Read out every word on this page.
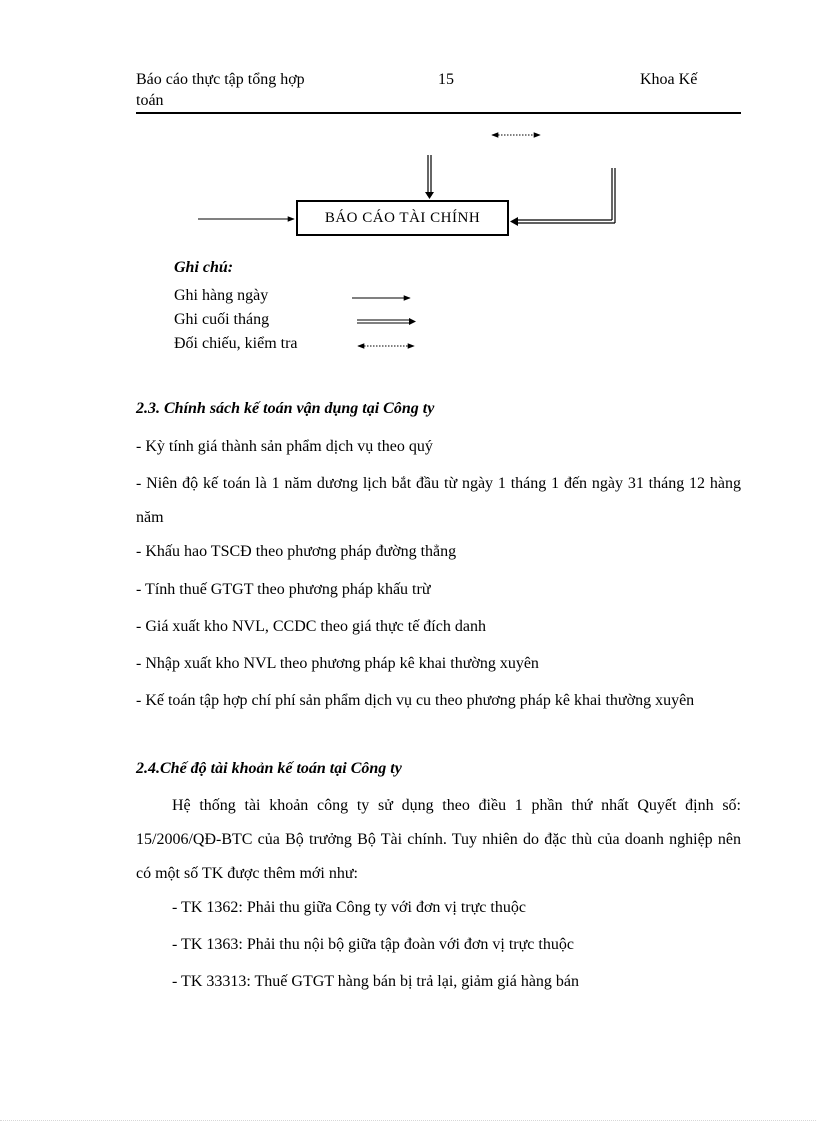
Báo cáo thực tập tổng hợp
toán
15	Khoa Kế
BÁO CÁO TÀI CHÍNH
Ghi chú:
Ghi hàng ngày
Ghi cuối tháng
Đối chiếu, kiểm tra
2.3. Chính sách kế toán vận dụng tại Công ty
- Kỳ tính giá thành sản phẩm dịch vụ theo quý
- Niên độ kế toán là 1 năm dương lịch bắt đầu từ ngày 1 tháng 1 đến ngày 31 tháng 12 hàng năm
- Khấu hao TSCĐ theo phương pháp đường thẳng
- Tính thuế GTGT theo phương pháp khấu trừ
- Giá xuất kho NVL, CCDC theo giá thực tế đích danh
- Nhập xuất kho NVL theo phương pháp kê khai thường xuyên
- Kế toán tập hợp chí phí sản phẩm dịch vụ cu theo phương pháp kê khai thường xuyên
2.4.Chế độ tài khoản kế toán tại Công ty
Hệ thống tài khoản công ty sử dụng theo điều 1 phần thứ nhất Quyết định số: 15/2006/QĐ-BTC của Bộ trưởng Bộ Tài chính. Tuy nhiên do đặc thù của doanh nghiệp nên có một số TK được thêm mới như:
- TK 1362: Phải thu giữa Công ty với đơn vị trực thuộc
- TK 1363: Phải thu nội bộ giữa tập đoàn với đơn vị trực thuộc
- TK 33313: Thuế GTGT hàng bán bị trả lại, giảm giá hàng bán
